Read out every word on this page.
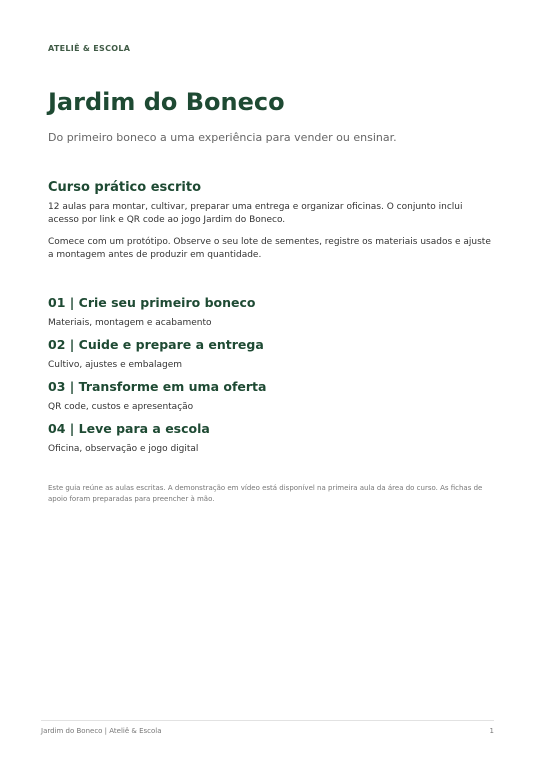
ATELIÊ & ESCOLA
Jardim do Boneco
Do primeiro boneco a uma experiência para vender ou ensinar.
Curso prático escrito

12 aulas para montar, cultivar, preparar uma entrega e organizar oficinas. O conjunto inclui acesso por link e QR code ao jogo Jardim do Boneco.

Comece com um protótipo. Observe o seu lote de sementes, registre os materiais usados e ajuste a montagem antes de produzir em quantidade.

01 | Crie seu primeiro boneco
Materiais, montagem e acabamento
02 | Cuide e prepare a entrega
Cultivo, ajustes e embalagem
03 | Transforme em uma oferta
QR code, custos e apresentação
04 | Leve para a escola
Oficina, observação e jogo digital

Este guia reúne as aulas escritas. A demonstração em vídeo está disponível na primeira aula da área do curso. As fichas de apoio foram preparadas para preencher à mão.

Jardim do Boneco | Ateliê & Escola	1
